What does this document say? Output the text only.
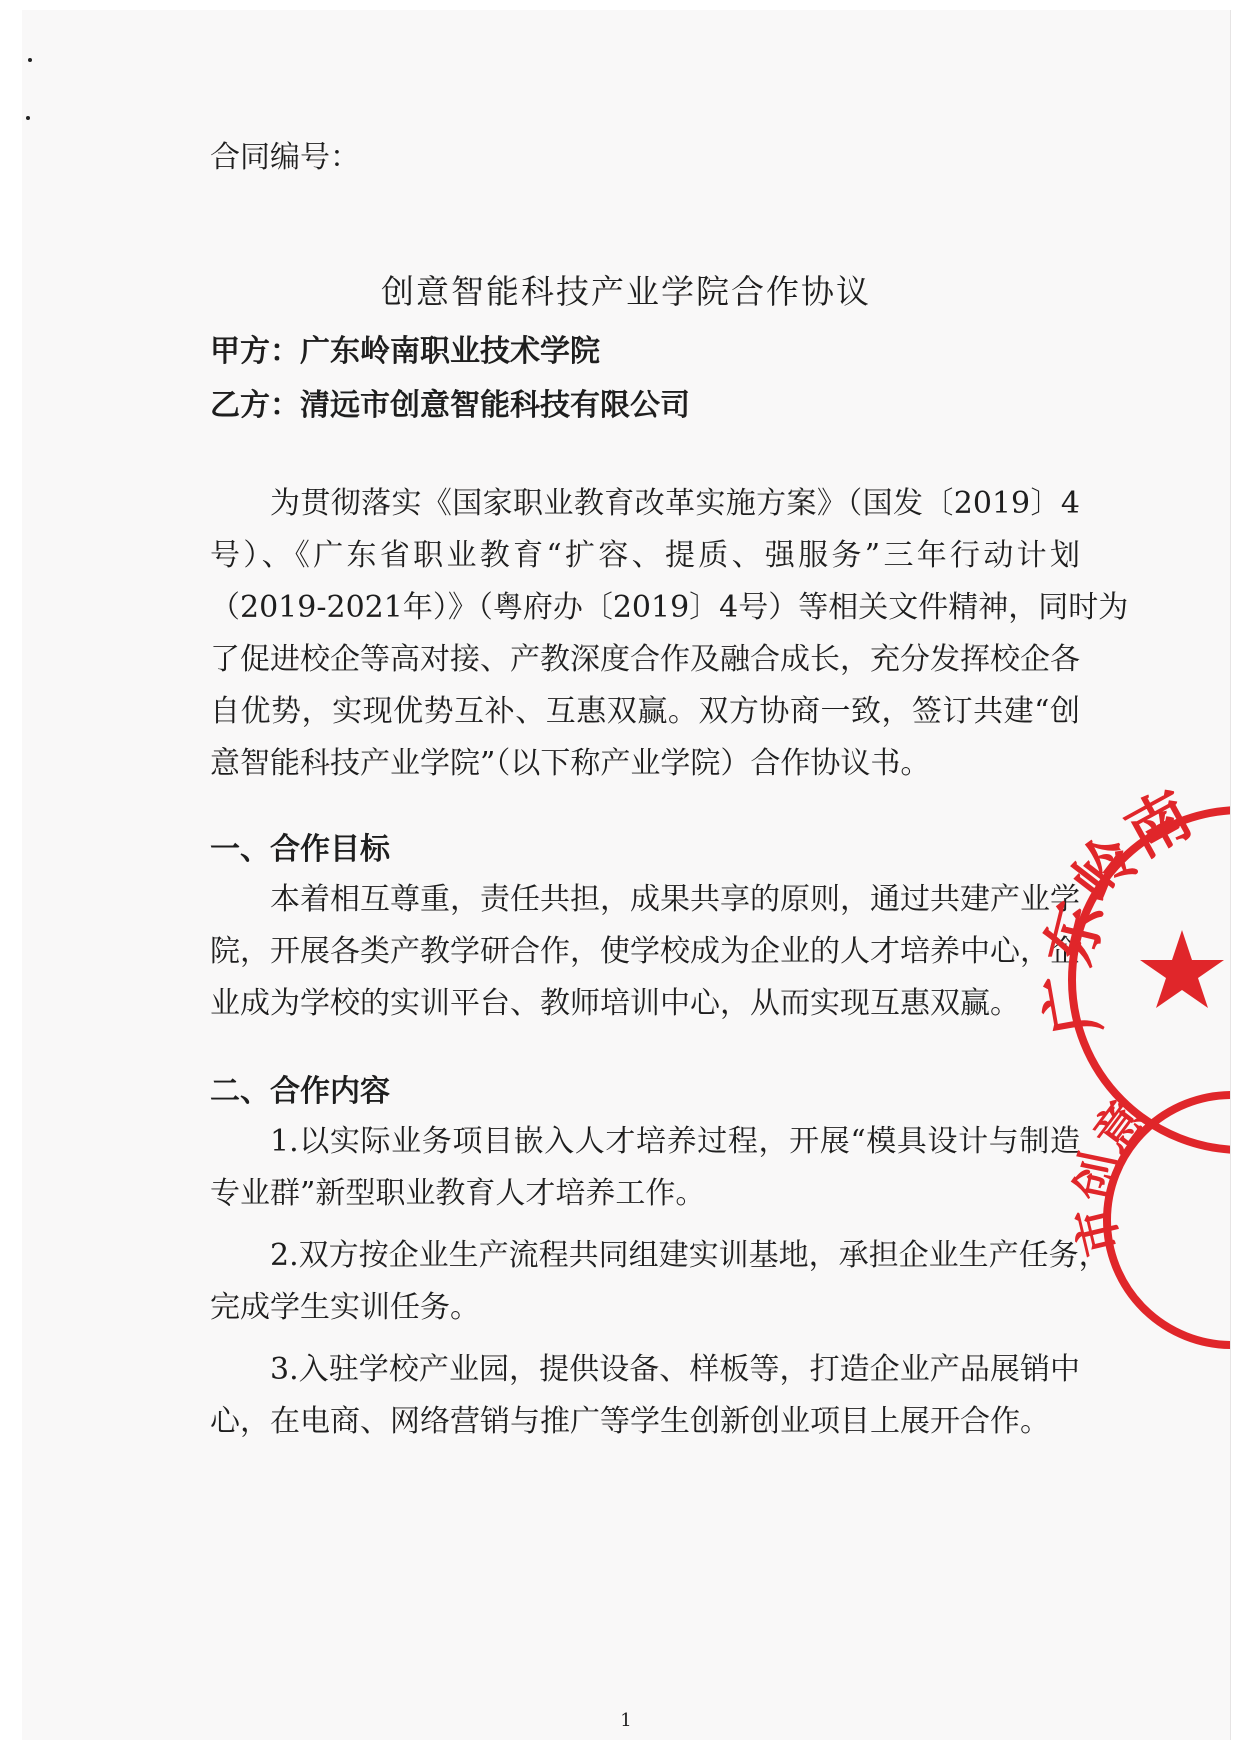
合同编号：
创意智能科技产业学院合作协议
甲方：广东岭南职业技术学院
乙方：清远市创意智能科技有限公司
为贯彻落实《国家职业教育改革实施方案》（国发〔2019〕4
号）、《广东省职业教育“扩容、提质、强服务”三年行动计划
（2019-2021年）》（粤府办〔2019〕4号）等相关文件精神，同时为
了促进校企等高对接、产教深度合作及融合成长，充分发挥校企各
自优势，实现优势互补、互惠双赢。双方协商一致，签订共建“创
意智能科技产业学院”（以下称产业学院）合作协议书。
一、合作目标
本着相互尊重，责任共担，成果共享的原则，通过共建产业学
院，开展各类产教学研合作，使学校成为企业的人才培养中心，企
业成为学校的实训平台、教师培训中心，从而实现互惠双赢。
二、合作内容
1.以实际业务项目嵌入人才培养过程，开展“模具设计与制造
专业群”新型职业教育人才培养工作。
2.双方按企业生产流程共同组建实训基地，承担企业生产任务，
完成学生实训任务。
3.入驻学校产业园，提供设备、样板等，打造企业产品展销中
心，在电商、网络营销与推广等学生创新创业项目上展开合作。
广东岭南
市创意
1
